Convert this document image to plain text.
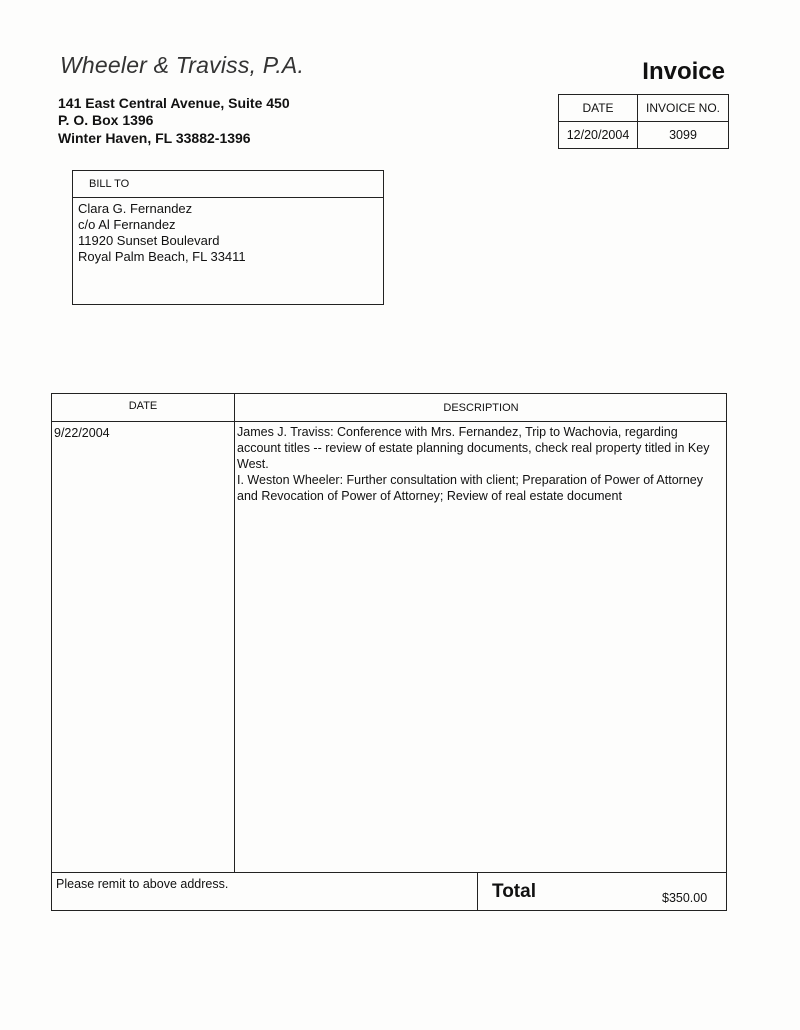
Wheeler & Traviss, P.A.
141 East Central Avenue, Suite 450
P. O. Box 1396
Winter Haven, FL 33882-1396
Invoice
DATE	INVOICE NO.
12/20/2004	3099
BILL TO
Clara G. Fernandez
c/o Al Fernandez
11920 Sunset Boulevard
Royal Palm Beach, FL 33411
DATE	DESCRIPTION
9/22/2004	James J. Traviss: Conference with Mrs. Fernandez, Trip to Wachovia, regarding account titles -- review of estate planning documents, check real property titled in Key West.

I. Weston Wheeler: Further consultation with client; Preparation of Power of Attorney and Revocation of Power of Attorney; Review of real estate document

Please remit to above address.	Total	$350.00
